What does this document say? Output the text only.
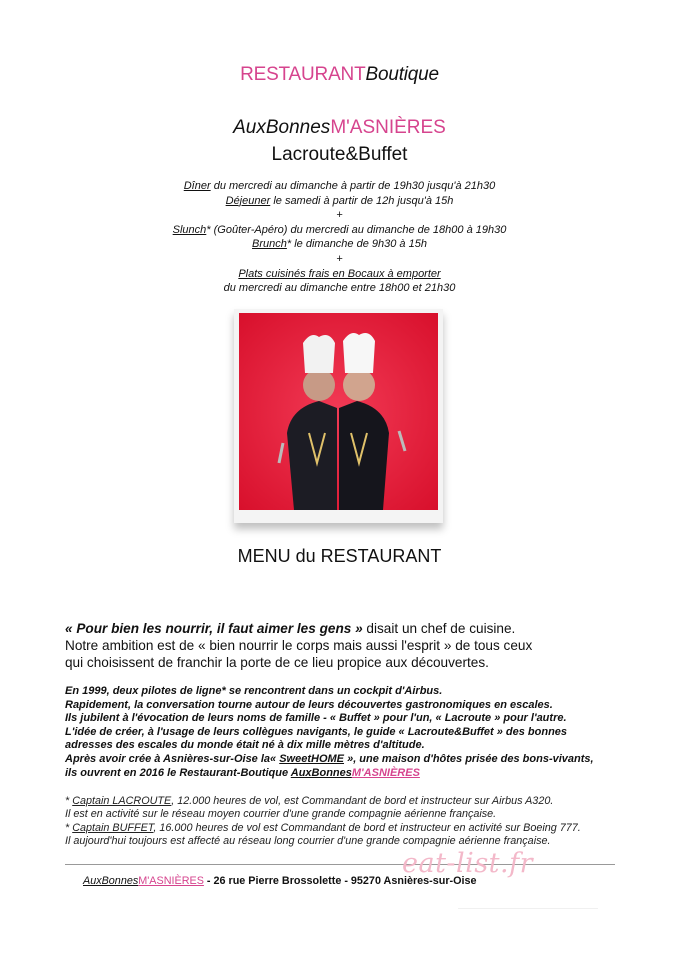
RESTAURANTBoutique
AuxBonnesM'ASNIÈRES
Lacroute&Buffet
Dîner du mercredi au dimanche à partir de 19h30 jusqu'à 21h30
Déjeuner le samedi à partir de 12h jusqu'à 15h
+
Slunch* (Goûter-Apéro) du mercredi au dimanche de 18h00 à 19h30
Brunch* le dimanche de 9h30 à 15h
+
Plats cuisinés frais en Bocaux à emporter
du mercredi au dimanche entre 18h00 et 21h30
MENU du RESTAURANT
« Pour bien les nourrir, il faut aimer les gens » disait un chef de cuisine.
Notre ambition est de « bien nourrir le corps mais aussi l'esprit » de tous ceux
qui choisissent de franchir la porte de ce lieu propice aux découvertes.
En 1999, deux pilotes de ligne* se rencontrent dans un cockpit d'Airbus.
Rapidement, la conversation tourne autour de leurs découvertes gastronomiques en escales.
Ils jubilent à l'évocation de leurs noms de famille - « Buffet » pour l'un, « Lacroute » pour l'autre.
L'idée de créer, à l'usage de leurs collègues navigants, le guide « Lacroute&Buffet » des bonnes
adresses des escales du monde était né à dix mille mètres d'altitude.
Après avoir crée à Asnières-sur-Oise la« SweetHOME », une maison d'hôtes prisée des bons-vivants,
ils ouvrent en 2016 le Restaurant-Boutique AuxBonnesM'ASNIÈRES
* Captain LACROUTE, 12.000 heures de vol, est Commandant de bord et instructeur sur Airbus A320.
Il est en activité sur le réseau moyen courrier d'une grande compagnie aérienne française.
* Captain BUFFET, 16.000 heures de vol est Commandant de bord et instructeur en activité sur Boeing 777.
Il aujourd'hui toujours est affecté au réseau long courrier d'une grande compagnie aérienne française.
eat-list.fr
AuxBonnesM'ASNIÈRES - 26 rue Pierre Brossolette - 95270 Asnières-sur-Oise
